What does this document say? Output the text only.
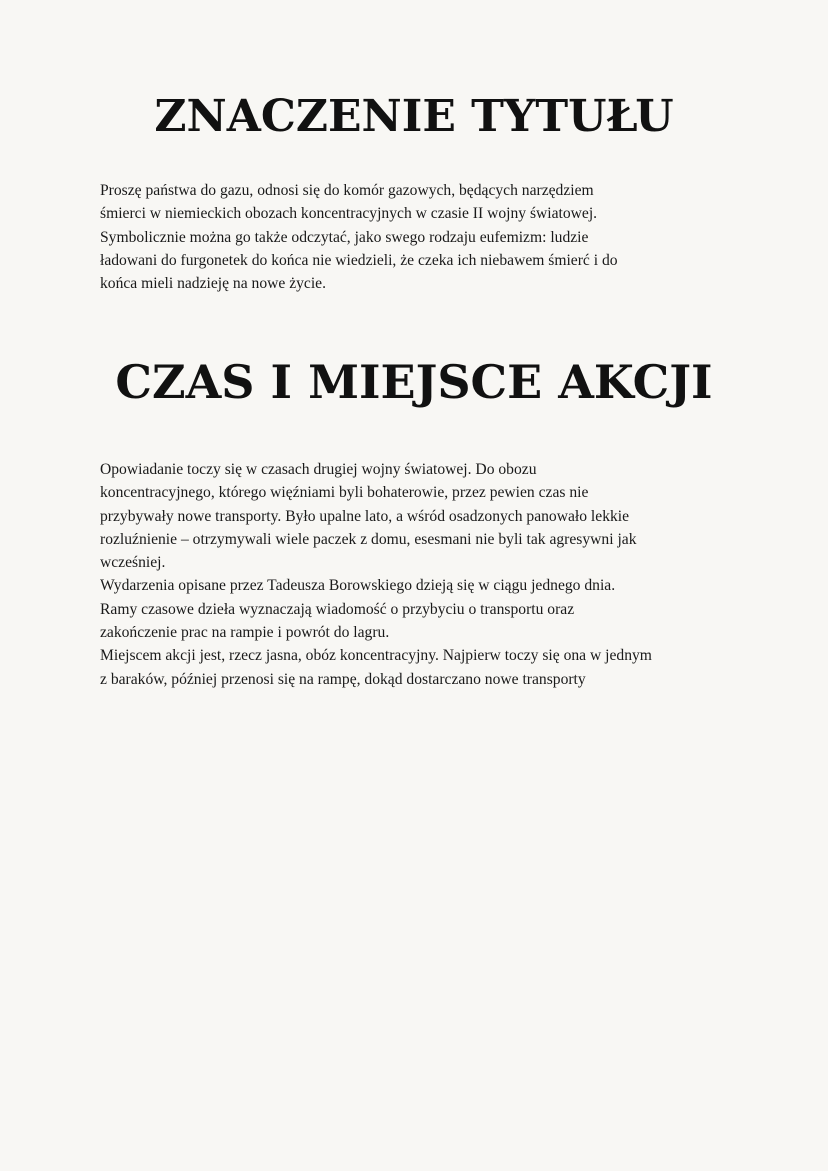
ZNACZENIE TYTUŁU

Proszę państwa do gazu, odnosi się do komór gazowych, będących narzędziem
śmierci w niemieckich obozach koncentracyjnych w czasie II wojny światowej.
Symbolicznie można go także odczytać, jako swego rodzaju eufemizm: ludzie
ładowani do furgonetek do końca nie wiedzieli, że czeka ich niebawem śmierć i do
końca mieli nadzieję na nowe życie.

CZAS I MIEJSCE AKCJI

Opowiadanie toczy się w czasach drugiej wojny światowej. Do obozu
koncentracyjnego, którego więźniami byli bohaterowie, przez pewien czas nie
przybywały nowe transporty. Było upalne lato, a wśród osadzonych panowało lekkie
rozluźnienie – otrzymywali wiele paczek z domu, esesmani nie byli tak agresywni jak
wcześniej.
Wydarzenia opisane przez Tadeusza Borowskiego dzieją się w ciągu jednego dnia.
Ramy czasowe dzieła wyznaczają wiadomość o przybyciu o transportu oraz
zakończenie prac na rampie i powrót do lagru.
Miejscem akcji jest, rzecz jasna, obóz koncentracyjny. Najpierw toczy się ona w jednym
z baraków, później przenosi się na rampę, dokąd dostarczano nowe transporty
